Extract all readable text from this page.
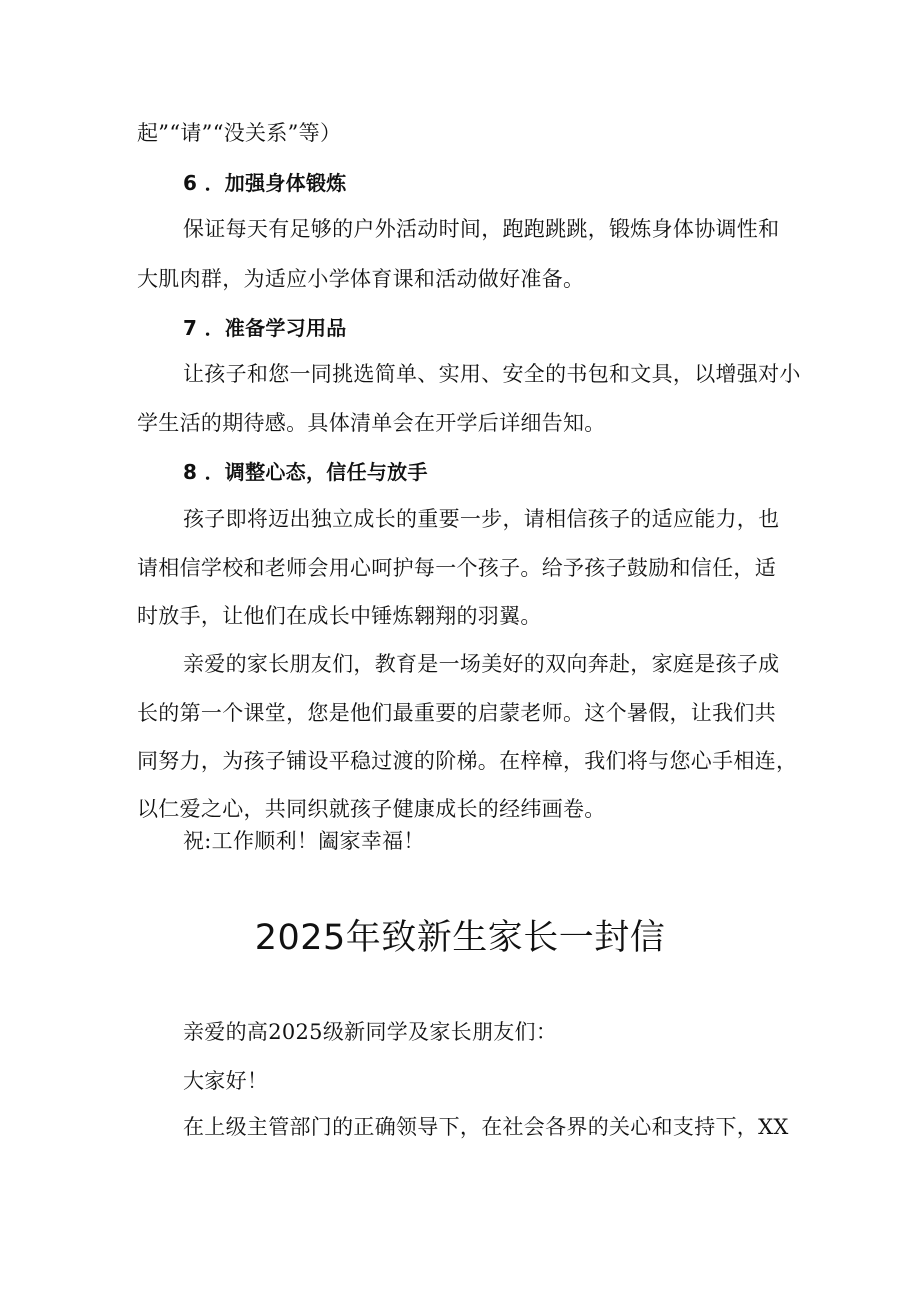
起”“请”“没关系”等）
6 ．加强身体锻炼
保证每天有足够的户外活动时间，跑跑跳跳，锻炼身体协调性和
大肌肉群，为适应小学体育课和活动做好准备。
7 ．准备学习用品
让孩子和您一同挑选简单、实用、安全的书包和文具，以增强对小
学生活的期待感。具体清单会在开学后详细告知。
8 ．调整心态，信任与放手
孩子即将迈出独立成长的重要一步，请相信孩子的适应能力，也
请相信学校和老师会用心呵护每一个孩子。给予孩子鼓励和信任，适
时放手，让他们在成长中锤炼翱翔的羽翼。
亲爱的家长朋友们，教育是一场美好的双向奔赴，家庭是孩子成
长的第一个课堂，您是他们最重要的启蒙老师。这个暑假，让我们共
同努力，为孩子铺设平稳过渡的阶梯。在梓樟，我们将与您心手相连，
以仁爱之心，共同织就孩子健康成长的经纬画卷。
祝:工作顺利！阖家幸福！
2025年致新生家长一封信
亲爱的高2025级新同学及家长朋友们：
大家好！
在上级主管部门的正确领导下，在社会各界的关心和支持下，XX
